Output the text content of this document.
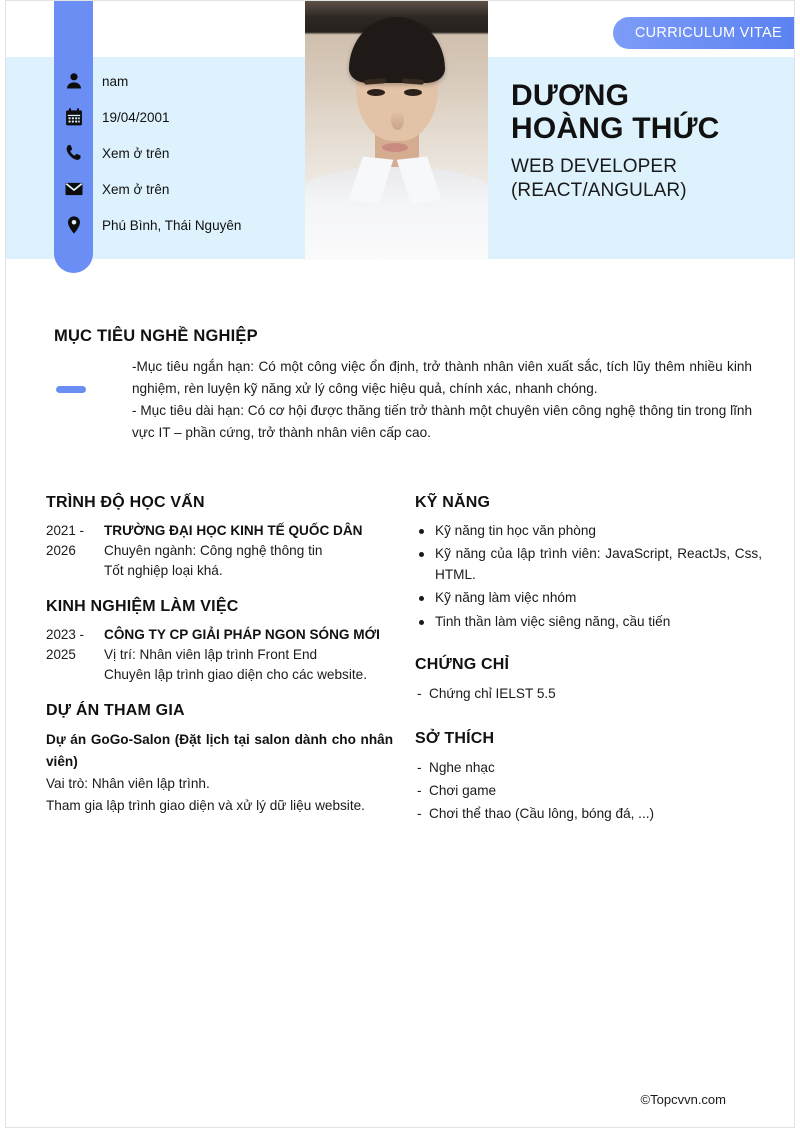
nam
19/04/2001
Xem ở trên
Xem ở trên
Phú Bình, Thái Nguyên
CURRICULUM VITAE
DƯƠNG
HOÀNG THỨC
WEB DEVELOPER
(REACT/ANGULAR)
MỤC TIÊU NGHỀ NGHIỆP

-Mục tiêu ngắn hạn: Có một công việc ổn định, trở thành nhân viên xuất sắc, tích lũy thêm nhiều kinh nghiệm, rèn luyện kỹ năng xử lý công việc hiệu quả, chính xác, nhanh chóng.

- Mục tiêu dài hạn: Có cơ hội được thăng tiến trở thành một chuyên viên công nghệ thông tin trong lĩnh vực IT – phần cứng, trở thành nhân viên cấp cao.

TRÌNH ĐỘ HỌC VẤN
2021 -
2026
TRƯỜNG ĐẠI HỌC KINH TẾ QUỐC DÂN

Chuyên ngành: Công nghệ thông tin

Tốt nghiệp loại khá.

KINH NGHIỆM LÀM VIỆC
2023 -
2025
CÔNG TY CP GIẢI PHÁP NGON SÓNG MỚI

Vị trí: Nhân viên lập trình Front End

Chuyên lập trình giao diện cho các website.

DỰ ÁN THAM GIA
Dự án GoGo-Salon (Đặt lịch tại salon dành cho nhân viên)

Vai trò: Nhân viên lập trình.

Tham gia lập trình giao diện và xử lý dữ liệu website.

KỸ NĂNG
Kỹ năng tin học văn phòng
Kỹ năng của lập trình viên: JavaScript, ReactJs, Css, HTML.
Kỹ năng làm việc nhóm
Tinh thần làm việc siêng năng, cầu tiến
CHỨNG CHỈ
- Chứng chỉ IELST 5.5
SỞ THÍCH
- Nghe nhạc
- Chơi game
- Chơi thể thao (Cầu lông, bóng đá, ...)
©Topcvvn.com
